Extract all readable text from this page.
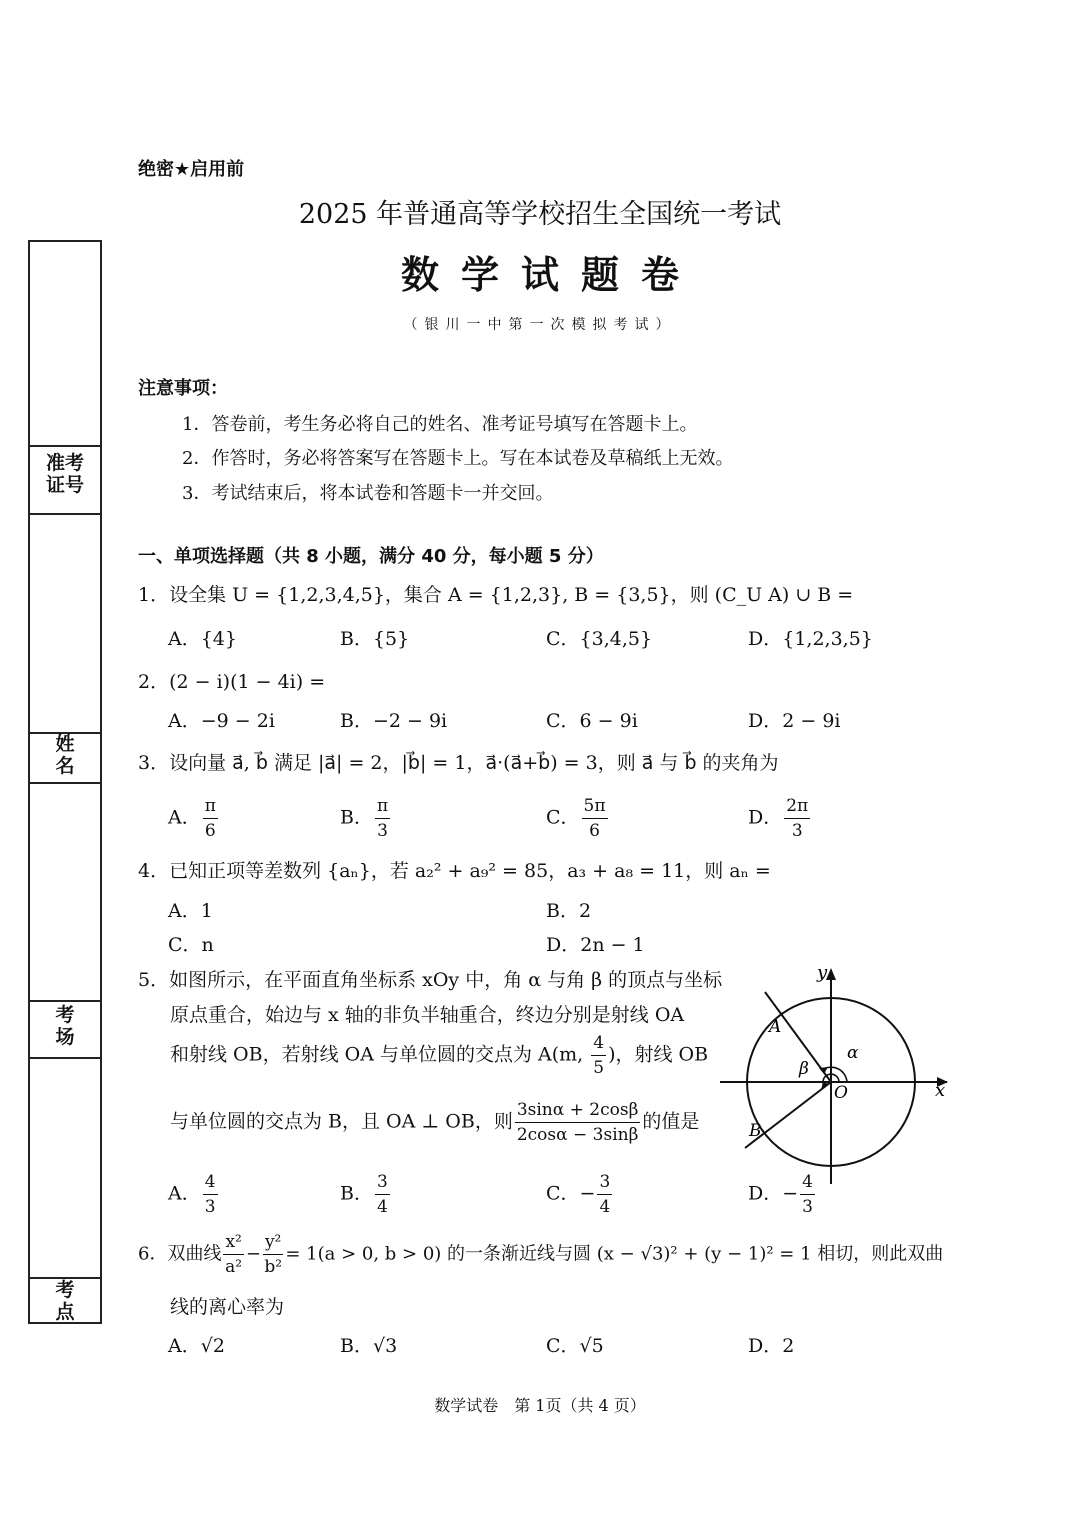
准考
证号
姓
名
考
场
考
点
绝密★启用前
2025 年普通高等学校招生全国统一考试
数学试题卷
（银川一中第一次模拟考试）
注意事项：
1．答卷前，考生务必将自己的姓名、准考证号填写在答题卡上。
2．作答时，务必将答案写在答题卡上。写在本试卷及草稿纸上无效。
3．考试结束后，将本试卷和答题卡一并交回。
一、单项选择题（共 8 小题，满分 40 分，每小题 5 分）
1．设全集 U = {1,2,3,4,5}，集合 A = {1,2,3}, B = {3,5}，则 (C_U A) ∪ B =
A．{4}	B．{5}	C．{3,4,5}	D．{1,2,3,5}
2．(2 − i)(1 − 4i) =
A．−9 − 2i	B．−2 − 9i	C．6 − 9i	D．2 − 9i
3．设向量 a⃗, b⃗ 满足 |a⃗| = 2，|b⃗| = 1，a⃗·(a⃗+b⃗) = 3，则 a⃗ 与 b⃗ 的夹角为
A． $\frac{\pi}{6}$	B． $\frac{\pi}{3}$	C． $\frac{5\pi}{6}$	D． $\frac{2\pi}{3}$
4．已知正项等差数列 {aₙ}，若 a₂² + a₉² = 85，a₃ + a₈ = 11，则 aₙ =
A．1	B．2
C．n	D．2n − 1
5．如图所示，在平面直角坐标系 xOy 中，角 α 与角 β 的顶点与坐标
原点重合，始边与 x 轴的非负半轴重合，终边分别是射线 OA
和射线 OB，若射线 OA 与单位圆的交点为 A(m, $\frac{4}{5}$ )，射线 OB
与单位圆的交点为 B，且 OA ⊥ OB，则 $\frac{3\sin\alpha + 2\cos\beta}{2\cos\alpha - 3\sin\beta}$ 的值是
y
x
O
A
B
α
β
A． $\frac{4}{3}$	B． $\frac{3}{4}$	C．− $\frac{3}{4}$	D．− $\frac{4}{3}$
6．双曲线 $\frac{\text{x²}}{\text{a²}} - \frac{\text{y²}}{\text{b²}} = 1(a > 0$, b > 0) 的一条渐近线与圆 (x − √3)² + (y − 1)² = 1 相切，则此双曲
线的离心率为
A．√2	B．√3	C．√5	D．2
数学试卷　第 1页（共 4 页）
